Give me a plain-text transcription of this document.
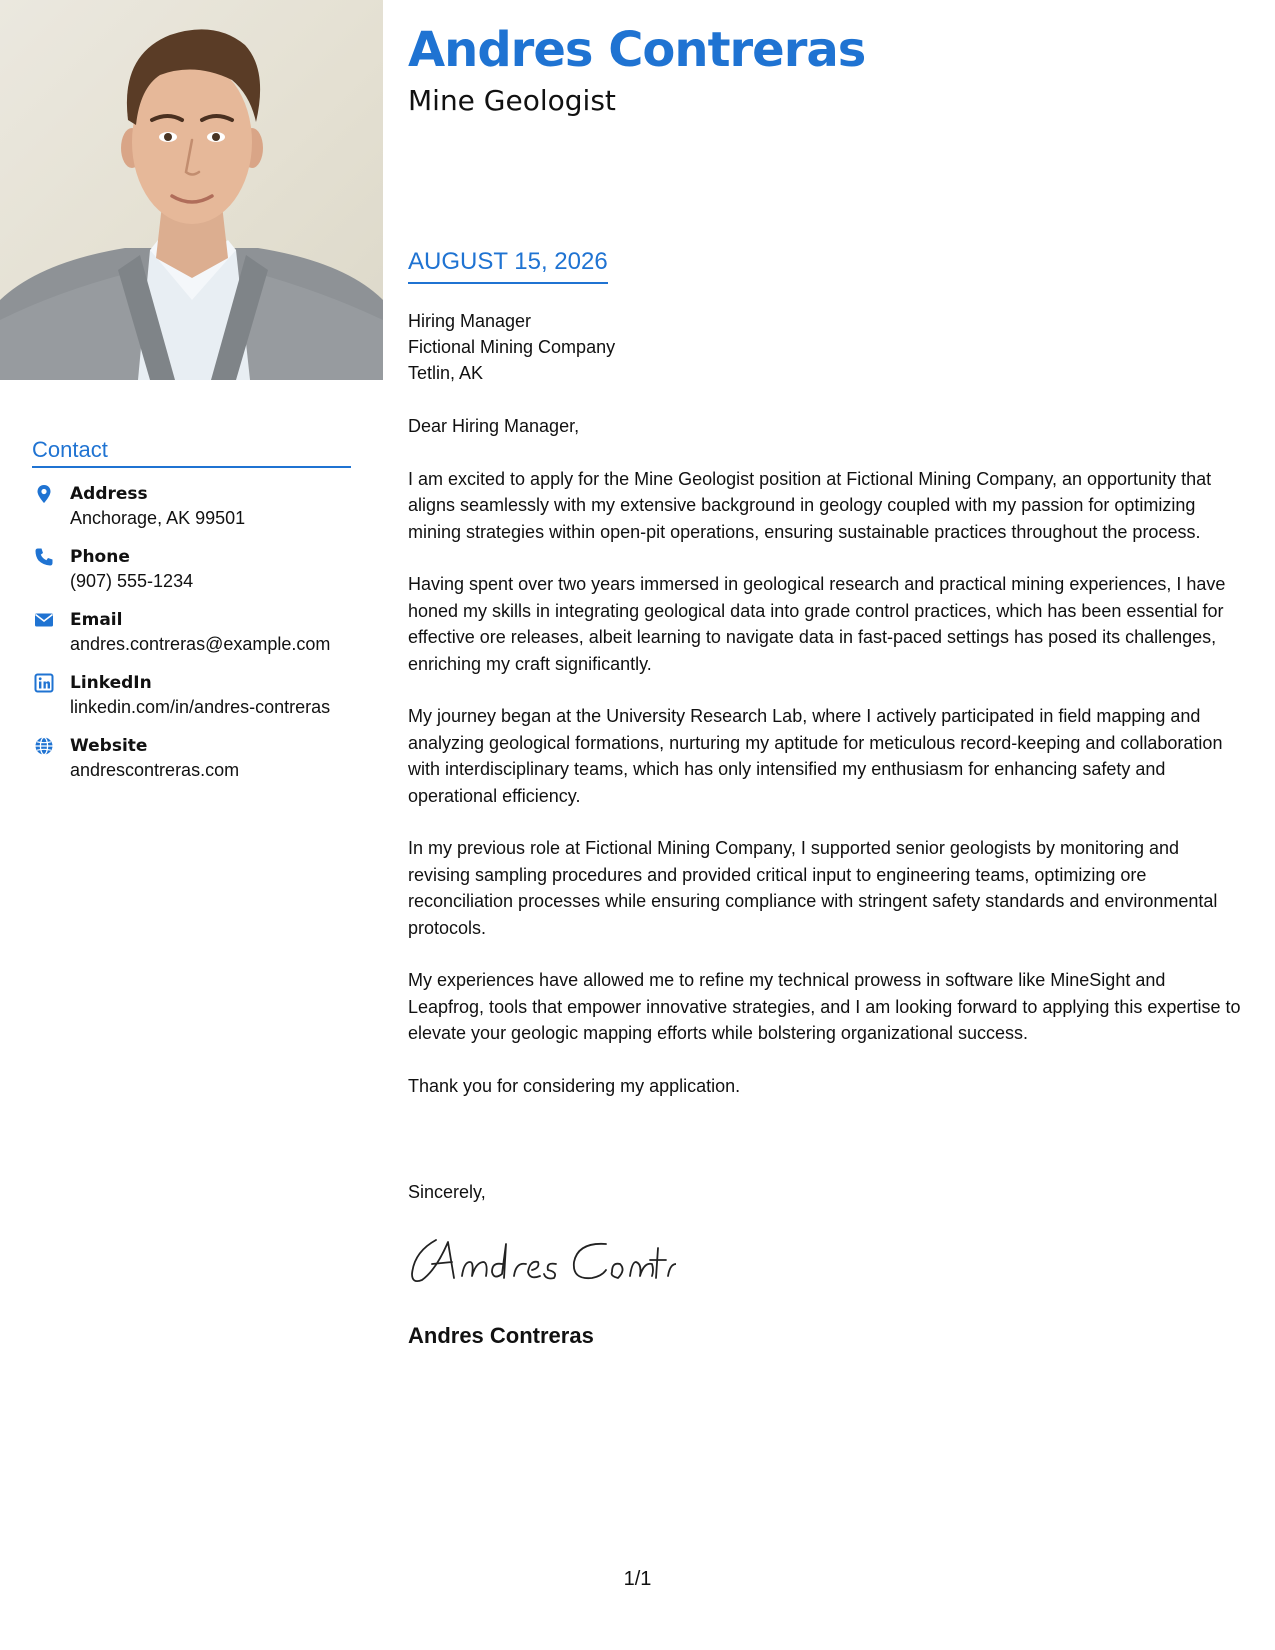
Andres Contreras
Mine Geologist
AUGUST 15, 2026
Hiring Manager
Fictional Mining Company
Tetlin, AK

Dear Hiring Manager,

I am excited to apply for the Mine Geologist position at Fictional Mining Company, an opportunity that aligns seamlessly with my extensive background in geology coupled with my passion for optimizing mining strategies within open-pit operations, ensuring sustainable practices throughout the process.

Having spent over two years immersed in geological research and practical mining experiences, I have honed my skills in integrating geological data into grade control practices, which has been essential for effective ore releases, albeit learning to navigate data in fast-paced settings has posed its challenges, enriching my craft significantly.

My journey began at the University Research Lab, where I actively participated in field mapping and analyzing geological formations, nurturing my aptitude for meticulous record-keeping and collaboration with interdisciplinary teams, which has only intensified my enthusiasm for enhancing safety and operational efficiency.

In my previous role at Fictional Mining Company, I supported senior geologists by monitoring and revising sampling procedures and provided critical input to engineering teams, optimizing ore reconciliation processes while ensuring compliance with stringent safety standards and environmental protocols.

My experiences have allowed me to refine my technical prowess in software like MineSight and Leapfrog, tools that empower innovative strategies, and I am looking forward to applying this expertise to elevate your geologic mapping efforts while bolstering organizational success.

Thank you for considering my application.

Sincerely,
Andres Contreras
Contact
Address
Anchorage, AK 99501
Phone
(907) 555-1234
Email
andres.contreras@example.com
LinkedIn
linkedin.com/in/andres-contreras
Website
andrescontreras.com
1/1
